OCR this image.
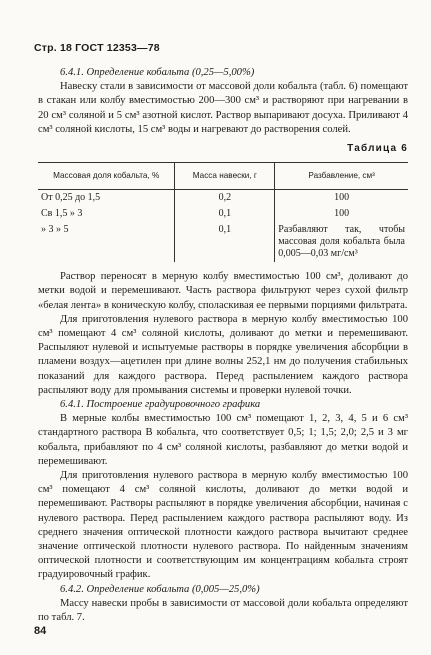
Стр. 18 ГОСТ 12353—78

6.4.1. Определение кобальта (0,25—5,00%)

Навеску стали в зависимости от массовой доли кобальта (табл. 6) помещают в стакан или колбу вместимостью 200—300 см³ и растворяют при нагревании в 20 см³ соляной и 5 см³ азотной кислот. Раствор выпаривают досуха. Приливают 4 см³ соляной кислоты, 15 см³ воды и нагревают до растворения солей.

Таблица 6
Массовая доля кобальта, %	Масса навески, г	Разбавление, см³
От 0,25 до 1,5	0,2	100
Св 1,5 » 3	0,1	100
» 3 » 5	0,1	Разбавляют так, чтобы массовая доля кобальта была 0,005—0,03 мг/см³

Раствор переносят в мерную колбу вместимостью 100 см³, доливают до метки водой и перемешивают. Часть раствора фильтруют через сухой фильтр «белая лента» в коническую колбу, споласкивая ее первыми порциями фильтрата.

Для приготовления нулевого раствора в мерную колбу вместимостью 100 см³ помещают 4 см³ соляной кислоты, доливают до метки и перемешивают. Распыляют нулевой и испытуемые растворы в порядке увеличения абсорбции в пламени воздух—ацетилен при длине волны 252,1 нм до получения стабильных показаний для каждого раствора. Перед распылением каждого раствора распыляют воду для промывания системы и проверки нулевой точки.

6.4.1. Построение градуировочного графика

В мерные колбы вместимостью 100 см³ помещают 1, 2, 3, 4, 5 и 6 см³ стандартного раствора В кобальта, что соответствует 0,5; 1; 1,5; 2,0; 2,5 и 3 мг кобальта, прибавляют по 4 см³ соляной кислоты, разбавляют до метки водой и перемешивают.

Для приготовления нулевого раствора в мерную колбу вместимостью 100 см³ помещают 4 см³ соляной кислоты, доливают до метки водой и перемешивают. Растворы распыляют в порядке увеличения абсорбции, начиная с нулевого раствора. Перед распылением каждого раствора распыляют воду. Из среднего значения оптической плотности каждого раствора вычитают среднее значение оптической плотности нулевого раствора. По найденным значениям оптической плотности и соответствующим им концентрациям кобальта строят градуировочный график.

6.4.2. Определение кобальта (0,005—25,0%)

Массу навески пробы в зависимости от массовой доли кобальта определяют по табл. 7.

84
